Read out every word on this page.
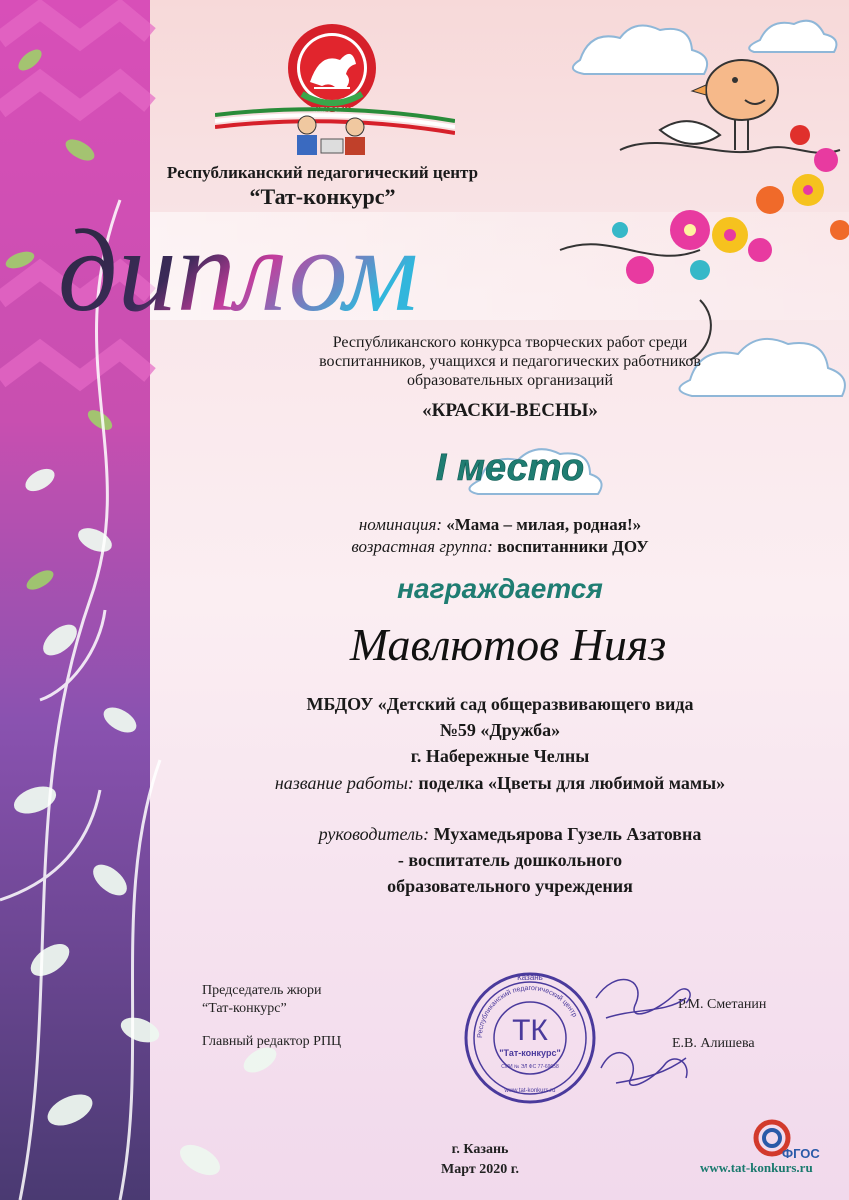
ТАТАРСТАН
Республиканский педагогический центр
“Тат-конкурс”
диплом
Республиканского конкурса творческих работ среди
воспитанников, учащихся и педагогических работников
образовательных организаций
«КРАСКИ-ВЕСНЫ»
I место
номинация: «Мама – милая, родная!»
возрастная группа: воспитанники ДОУ
награждается
Мавлютов Нияз
МБДОУ «Детский сад общеразвивающего вида
№59 «Дружба»
г. Набережные Челны
название работы: поделка «Цветы для любимой мамы»
руководитель: Мухамедьярова Гузель Азатовна
- воспитатель дошкольного
образовательного учреждения
Председатель жюри
“Тат-конкурс”
Главный редактор РПЦ
Р.М. Сметанин
Е.В. Алишева
Казань
Республиканский педагогический центр
ТК
"Тат-конкурс"
СМИ № ЭЛ ФС 77-69658
www.tat-konkurs.ru
г. Казань
Март 2020 г.
ФГОС
www.tat-konkurs.ru
